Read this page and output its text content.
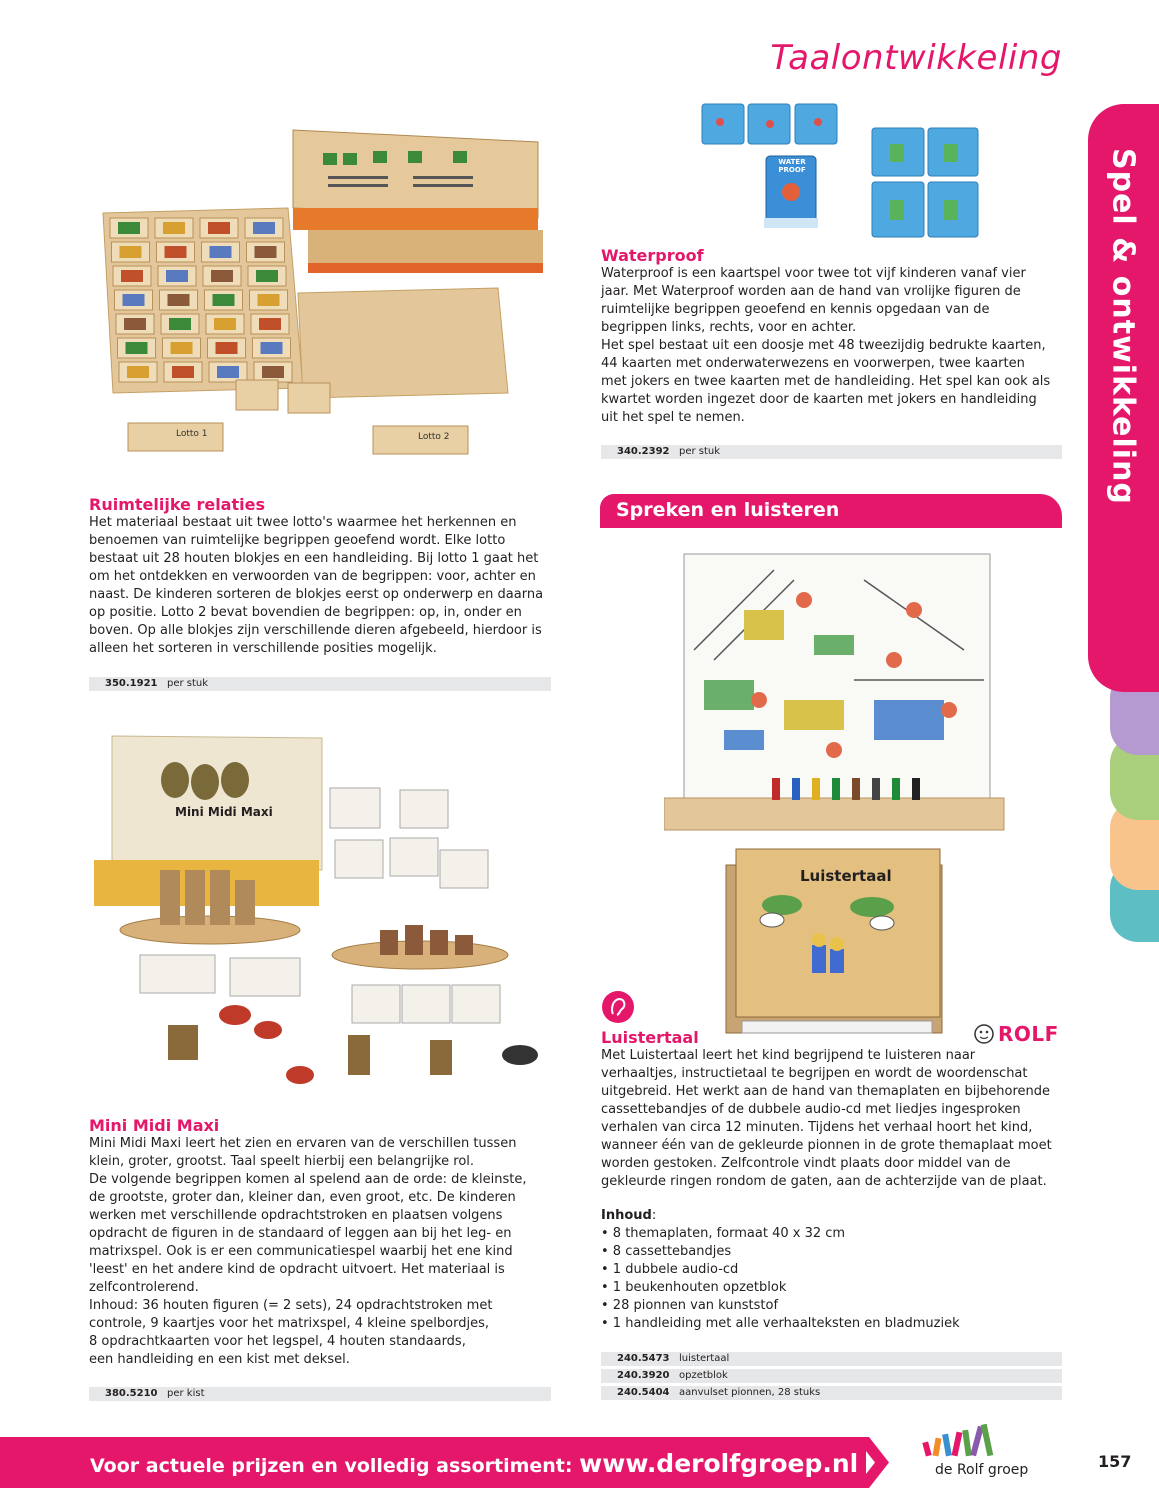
Taalontwikkeling
Spel & ontwikkeling
Lotto 1	Lotto 2
Ruimtelijke relaties
Het materiaal bestaat uit twee lotto's waarmee het herkennen en
benoemen van ruimtelijke begrippen geoefend wordt. Elke lotto
bestaat uit 28 houten blokjes en een handleiding. Bij lotto 1 gaat het
om het ontdekken en verwoorden van de begrippen: voor, achter en
naast. De kinderen sorteren de blokjes eerst op onderwerp en daarna
op positie. Lotto 2 bevat bovendien de begrippen: op, in, onder en
boven. Op alle blokjes zijn verschillende dieren afgebeeld, hierdoor is
alleen het sorteren in verschillende posities mogelijk.
350.1921 per stuk
WATER PROOF
Waterproof
Waterproof is een kaartspel voor twee tot vijf kinderen vanaf vier
jaar. Met Waterproof worden aan de hand van vrolijke figuren de
ruimtelijke begrippen geoefend en kennis opgedaan van de
begrippen links, rechts, voor en achter.
Het spel bestaat uit een doosje met 48 tweezijdig bedrukte kaarten,
44 kaarten met onderwaterwezens en voorwerpen, twee kaarten
met jokers en twee kaarten met de handleiding. Het spel kan ook als
kwartet worden ingezet door de kaarten met jokers en handleiding
uit het spel te nemen.
340.2392 per stuk
Spreken en luisteren
Luistertaal
ROLF
Luistertaal
Met Luistertaal leert het kind begrijpend te luisteren naar
verhaaltjes, instructietaal te begrijpen en wordt de woordenschat
uitgebreid. Het werkt aan de hand van themaplaten en bijbehorende
cassettebandjes of de dubbele audio-cd met liedjes ingesproken
verhalen van circa 12 minuten. Tijdens het verhaal hoort het kind,
wanneer één van de gekleurde pionnen in de grote themaplaat moet
worden gestoken. Zelfcontrole vindt plaats door middel van de
gekleurde ringen rondom de gaten, aan de achterzijde van de plaat.
Inhoud:
• 8 themaplaten, formaat 40 x 32 cm
• 8 cassettebandjes
• 1 dubbele audio-cd
• 1 beukenhouten opzetblok
• 28 pionnen van kunststof
• 1 handleiding met alle verhaalteksten en bladmuziek
240.5473 luistertaal
240.3920 opzetblok
240.5404 aanvulset pionnen, 28 stuks
Mini Midi Maxi
Mini Midi Maxi
Mini Midi Maxi leert het zien en ervaren van de verschillen tussen
klein, groter, grootst. Taal speelt hierbij een belangrijke rol.
De volgende begrippen komen al spelend aan de orde: de kleinste,
de grootste, groter dan, kleiner dan, even groot, etc. De kinderen
werken met verschillende opdrachtstroken en plaatsen volgens
opdracht de figuren in de standaard of leggen aan bij het leg- en
matrixspel. Ook is er een communicatiespel waarbij het ene kind
'leest' en het andere kind de opdracht uitvoert. Het materiaal is
zelfcontrolerend.
Inhoud: 36 houten figuren (= 2 sets), 24 opdrachtstroken met
controle, 9 kaartjes voor het matrixspel, 4 kleine spelbordjes,
8 opdrachtkaarten voor het legspel, 4 houten standaards,
een handleiding en een kist met deksel.
380.5210 per kist
Voor actuele prijzen en volledig assortiment: www.derolfgroep.nl	de Rolf groep	157
